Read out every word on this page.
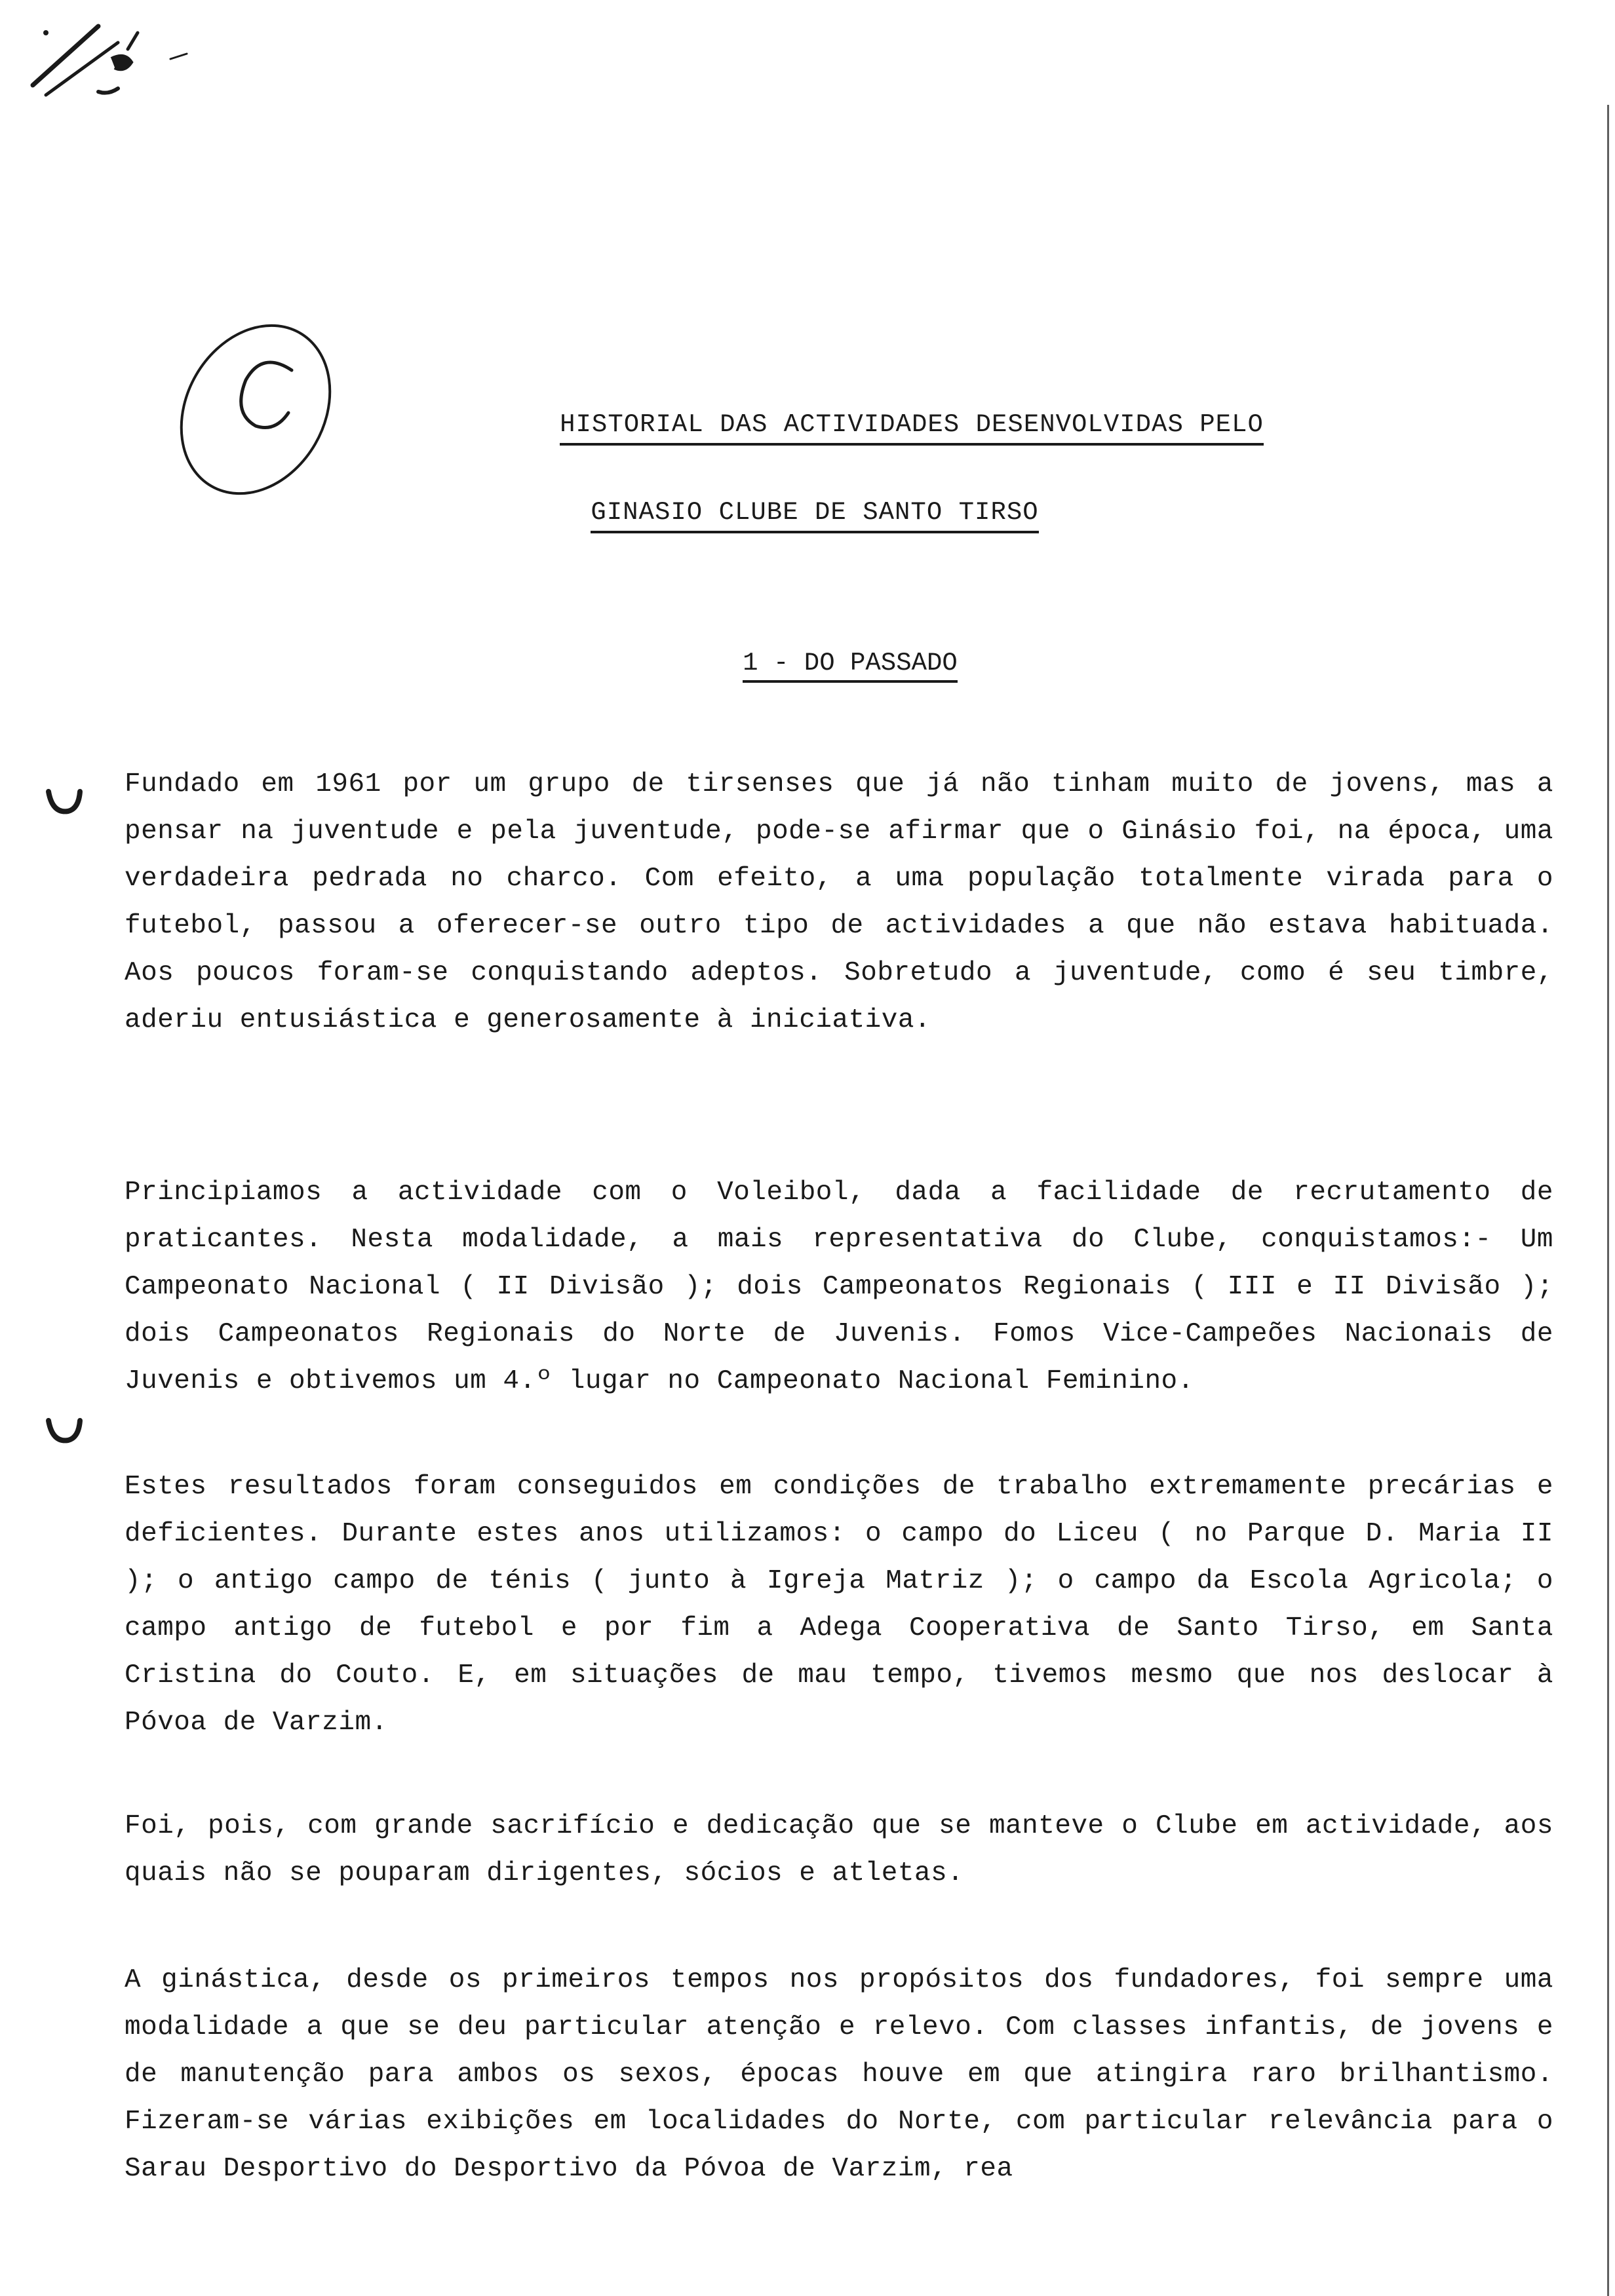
HISTORIAL DAS ACTIVIDADES DESENVOLVIDAS PELO
GINASIO CLUBE DE SANTO TIRSO
1 - DO PASSADO

Fundado em 1961 por um grupo de tirsenses que já não tinham muito de jovens, mas a pensar na juventude e pela juventude, pode-se afirmar que o Ginásio foi, na época, uma verdadeira pedrada no charco. Com efeito, a uma população totalmente virada para o futebol, passou a oferecer-se outro tipo de actividades a que não estava habituada. Aos poucos foram-se conquistando adeptos. Sobretudo a juventude, como é seu timbre, aderiu entusiástica e generosamente à iniciativa.

Principiamos a actividade com o Voleibol, dada a facilidade de recrutamento de praticantes. Nesta modalidade, a mais representativa do Clube, conquistamos:- Um Campeonato Nacional ( II Divisão ); dois Campeonatos Regionais ( III e II Divisão ); dois Campeonatos Regionais do Norte de Juvenis. Fomos Vice-Campeões Nacionais de Juvenis e obtivemos um 4.º lugar no Campeonato Nacional Feminino.

Estes resultados foram conseguidos em condições de trabalho extremamente precárias e deficientes. Durante estes anos utilizamos: o campo do Liceu ( no Parque D. Maria II ); o antigo campo de ténis ( junto à Igreja Matriz ); o campo da Escola Agricola; o campo antigo de futebol e por fim a Adega Cooperativa de Santo Tirso, em Santa Cristina do Couto. E, em situações de mau tempo, tivemos mesmo que nos deslocar à Póvoa de Varzim.

Foi, pois, com grande sacrifício e dedicação que se manteve o Clube em actividade, aos quais não se pouparam dirigentes, sócios e atletas.

A ginástica, desde os primeiros tempos nos propósitos dos fundadores, foi sempre uma modalidade a que se deu particular atenção e relevo. Com classes infantis, de jovens e de manutenção para ambos os sexos, épocas houve em que atingira raro brilhantismo. Fizeram-se várias exibições em localidades do Norte, com particular relevância para o Sarau Desportivo do Desportivo da Póvoa de Varzim, rea
